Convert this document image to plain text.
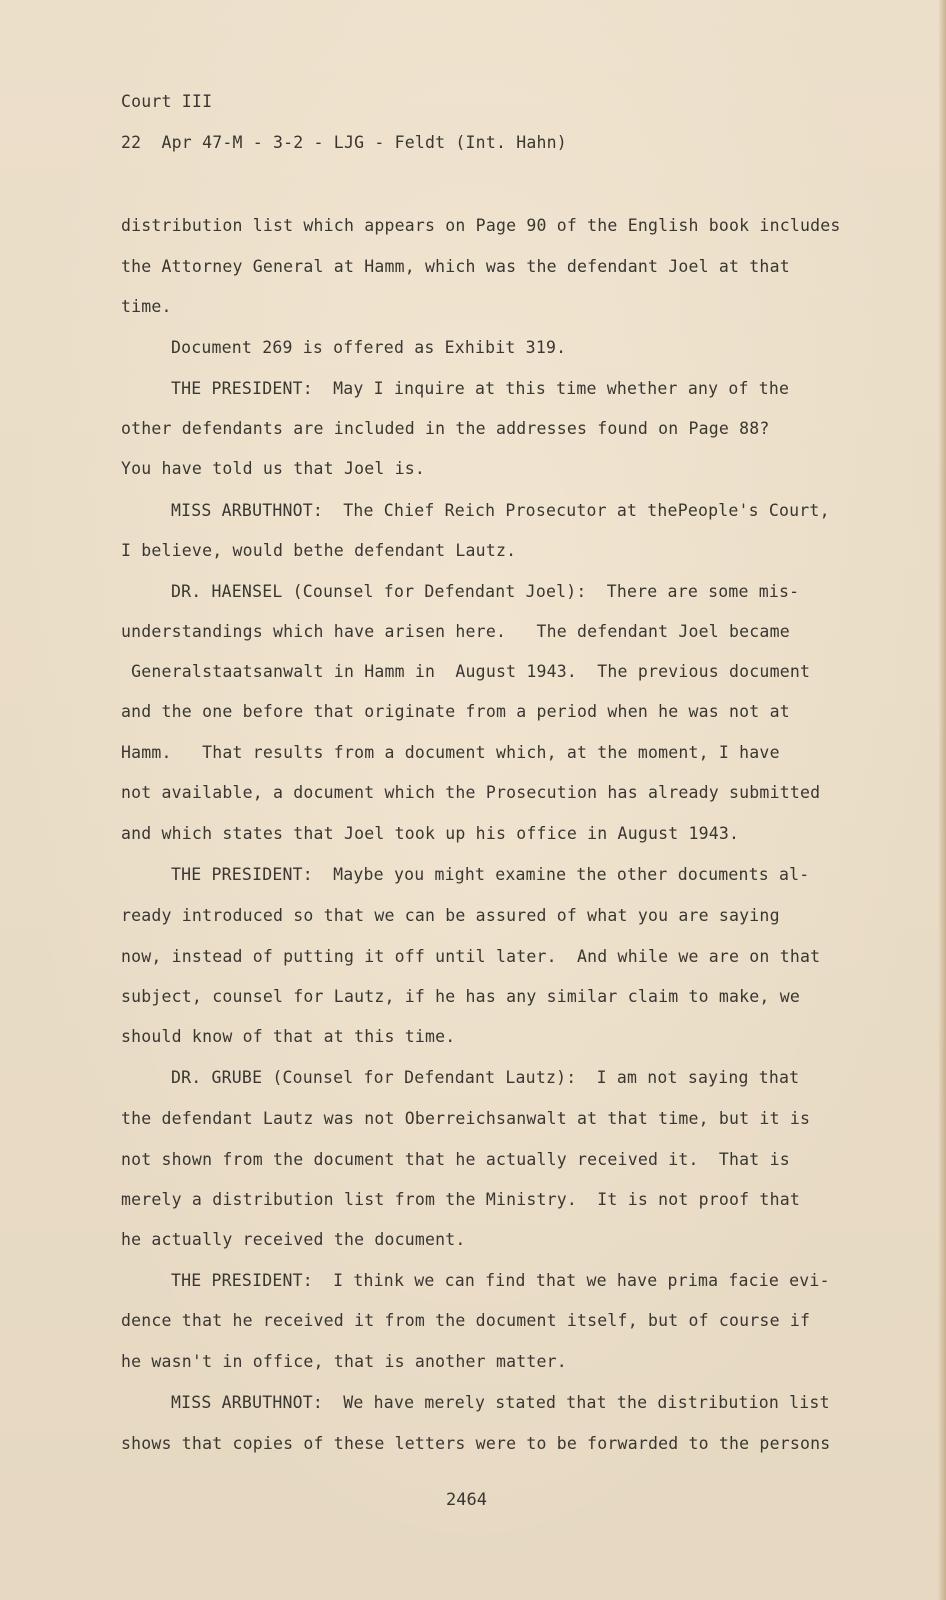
Court III
22  Apr 47-M - 3-2 - LJG - Feldt (Int. Hahn)
distribution list which appears on Page 90 of the English book includes
the Attorney General at Hamm, which was the defendant Joel at that
time.
Document 269 is offered as Exhibit 319.
THE PRESIDENT:  May I inquire at this time whether any of the
other defendants are included in the addresses found on Page 88?
You have told us that Joel is.
MISS ARBUTHNOT:  The Chief Reich Prosecutor at thePeople's Court,
I believe, would bethe defendant Lautz.
DR. HAENSEL (Counsel for Defendant Joel):  There are some mis-
understandings which have arisen here.   The defendant Joel became
Generalstaatsanwalt in Hamm in  August 1943.  The previous document
and the one before that originate from a period when he was not at
Hamm.   That results from a document which, at the moment, I have
not available, a document which the Prosecution has already submitted
and which states that Joel took up his office in August 1943.
THE PRESIDENT:  Maybe you might examine the other documents al-
ready introduced so that we can be assured of what you are saying
now, instead of putting it off until later.  And while we are on that
subject, counsel for Lautz, if he has any similar claim to make, we
should know of that at this time.
DR. GRUBE (Counsel for Defendant Lautz):  I am not saying that
the defendant Lautz was not Oberreichsanwalt at that time, but it is
not shown from the document that he actually received it.  That is
merely a distribution list from the Ministry.  It is not proof that
he actually received the document.
THE PRESIDENT:  I think we can find that we have prima facie evi-
dence that he received it from the document itself, but of course if
he wasn't in office, that is another matter.
MISS ARBUTHNOT:  We have merely stated that the distribution list
shows that copies of these letters were to be forwarded to the persons
2464
